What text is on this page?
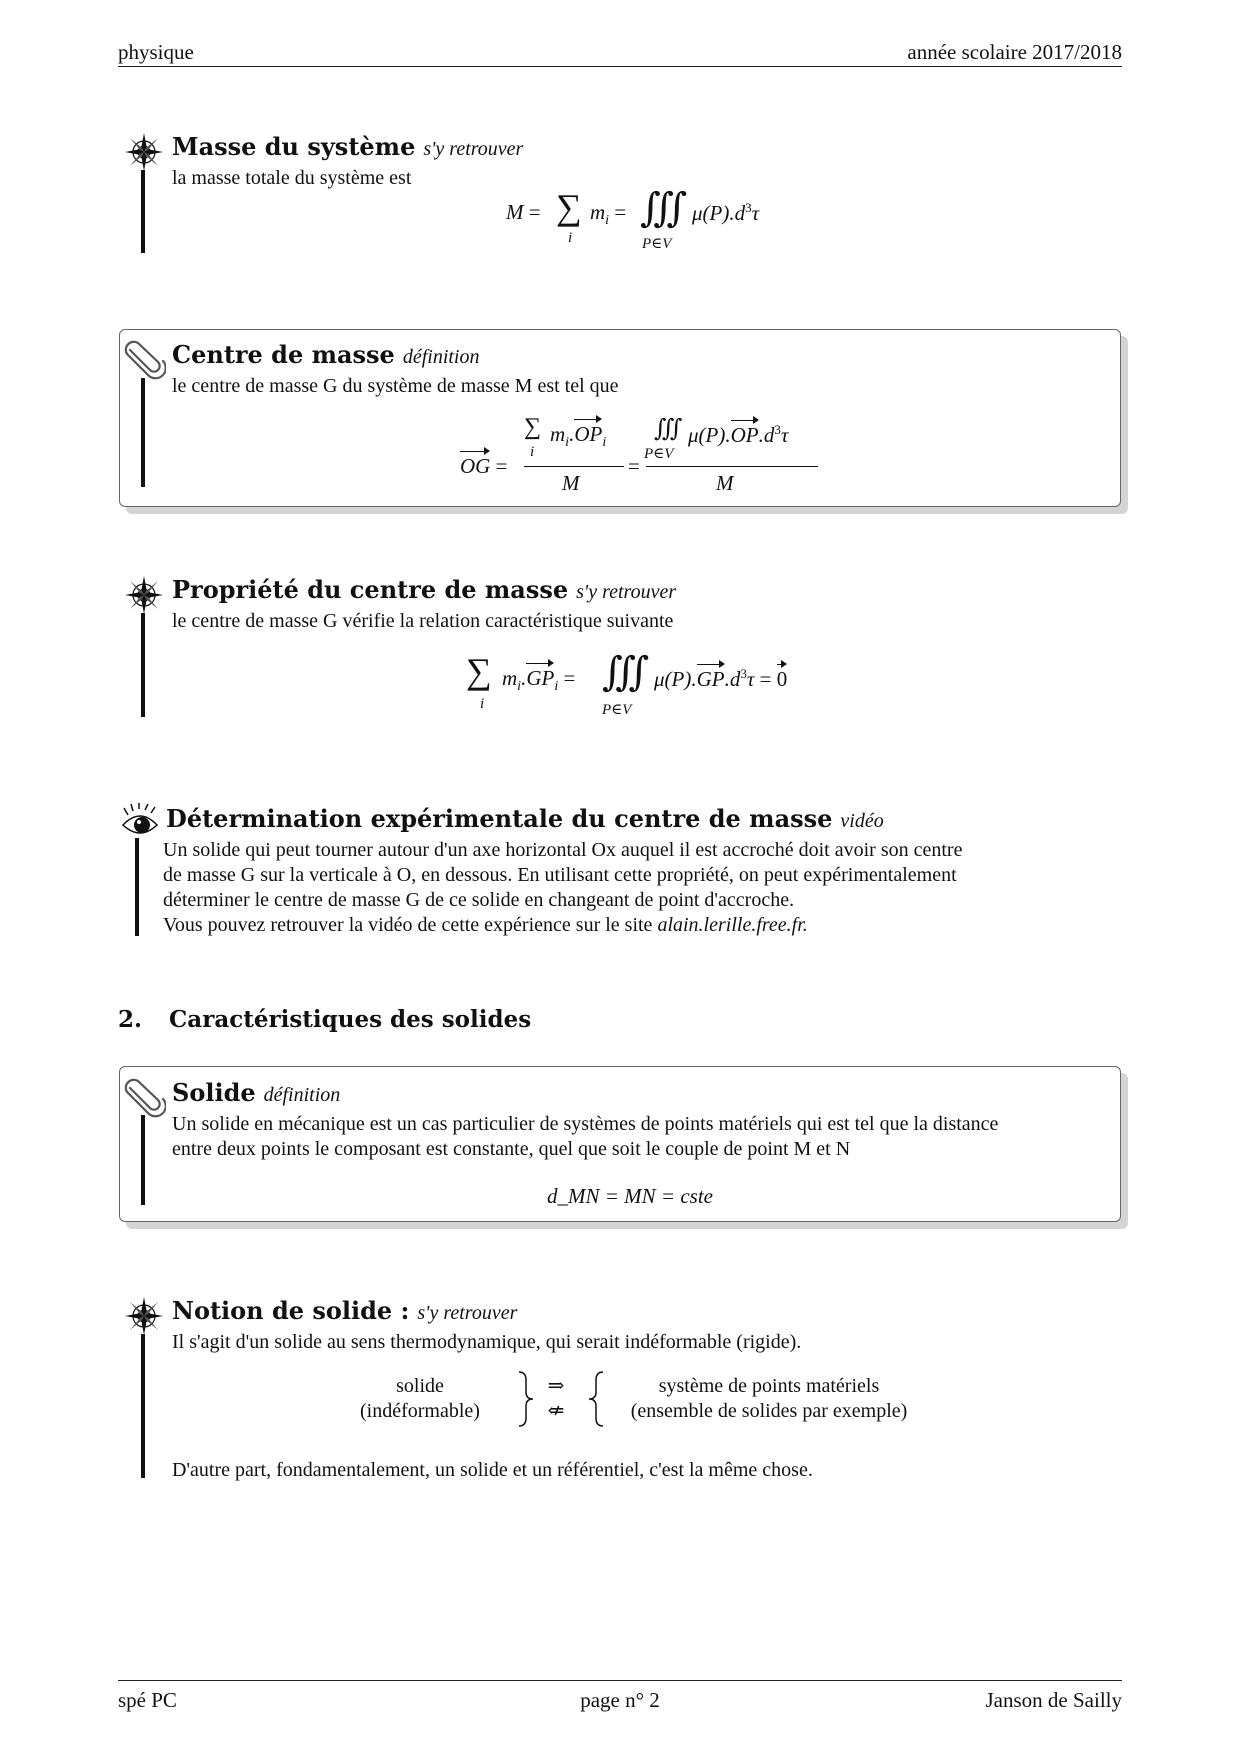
physique	année scolaire 2017/2018
Masse du système s'y retrouver
la masse totale du système est
M = ∑
i
$m_i$ = ∭
P∈V
$\mu(P).d^3\tau$
Centre de masse définition
le centre de masse G du système de masse M est tel que
OG =
∑
i
$m_i.OP_i$
M
=
∭
P∈V
$\mu(P).OP.d^3\tau$
M
Propriété du centre de masse s'y retrouver
le centre de masse G vérifie la relation caractéristique suivante
∑
i
$m_i.GP_i$ = ∭
P∈V
$\mu(P).GP.d^3\tau = 0$
Détermination expérimentale du centre de masse vidéo
Un solide qui peut tourner autour d'un axe horizontal Ox auquel il est accroché doit avoir son centre
de masse G sur la verticale à O, en dessous. En utilisant cette propriété, on peut expérimentalement
déterminer le centre de masse G de ce solide en changeant de point d'accroche.
Vous pouvez retrouver la vidéo de cette expérience sur le site alain.lerille.free.fr.
2. Caractéristiques des solides
Solide définition
Un solide en mécanique est un cas particulier de systèmes de points matériels qui est tel que la distance
entre deux points le composant est constante, quel que soit le couple de point M et N
d_MN = MN = cste
Notion de solide : s'y retrouver
Il s'agit d'un solide au sens thermodynamique, qui serait indéformable (rigide).
solide
(indéformable)
⇒
⇍
système de points matériels
(ensemble de solides par exemple)
D'autre part, fondamentalement, un solide et un référentiel, c'est la même chose.
spé PC	page n° 2	Janson de Sailly
